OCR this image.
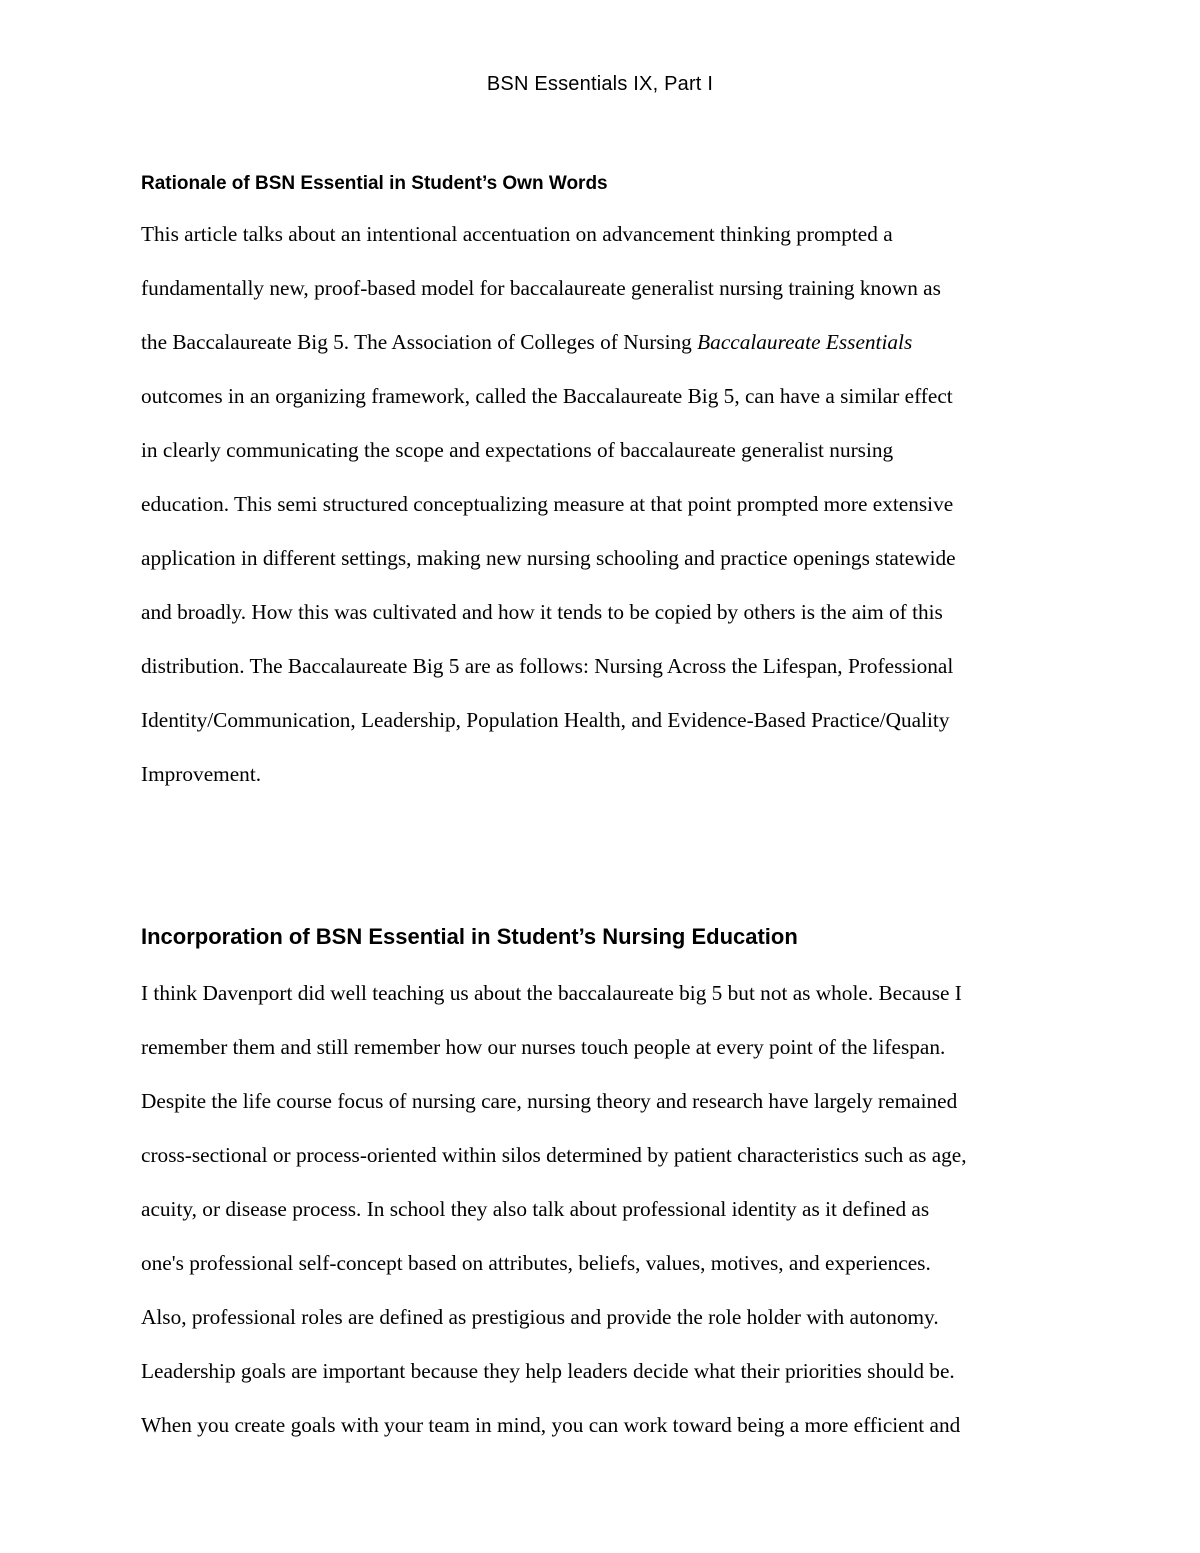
BSN Essentials IX, Part I
Rationale of BSN Essential in Student’s Own Words
This article talks about an intentional accentuation on advancement thinking prompted a
fundamentally new, proof-based model for baccalaureate generalist nursing training known as
the Baccalaureate Big 5. The Association of Colleges of Nursing Baccalaureate Essentials
outcomes in an organizing framework, called the Baccalaureate Big 5, can have a similar effect
in clearly communicating the scope and expectations of baccalaureate generalist nursing
education. This semi structured conceptualizing measure at that point prompted more extensive
application in different settings, making new nursing schooling and practice openings statewide
and broadly. How this was cultivated and how it tends to be copied by others is the aim of this
distribution. The Baccalaureate Big 5 are as follows: Nursing Across the Lifespan, Professional
Identity/Communication, Leadership, Population Health, and Evidence-Based Practice/Quality
Improvement.
Incorporation of BSN Essential in Student’s Nursing Education
I think Davenport did well teaching us about the baccalaureate big 5 but not as whole. Because I
remember them and still remember how our nurses touch people at every point of the lifespan.
Despite the life course focus of nursing care, nursing theory and research have largely remained
cross-sectional or process-oriented within silos determined by patient characteristics such as age,
acuity, or disease process. In school they also talk about professional identity as it defined as
one's professional self-concept based on attributes, beliefs, values, motives, and experiences.
Also, professional roles are defined as prestigious and provide the role holder with autonomy.
Leadership goals are important because they help leaders decide what their priorities should be.
When you create goals with your team in mind, you can work toward being a more efficient and
